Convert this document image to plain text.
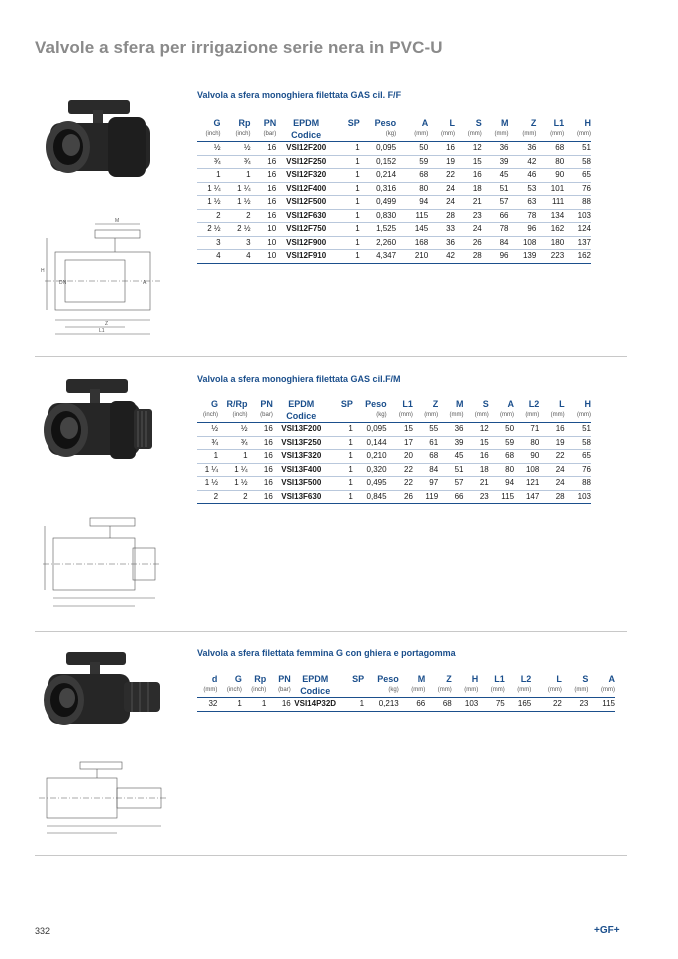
Valvole a sfera per irrigazione serie nera in PVC-U
Valvola a sfera monoghiera filettata GAS cil. F/F
M
H
DN	A
Z
L1
G	Rp	PN	EPDM	SP	Peso	A	L	S	M	Z	L1	H
(inch)	(inch)	(bar)	Codice		(kg)	(mm)	(mm)	(mm)	(mm)	(mm)	(mm)	(mm)
½	½	16	VSI12F200	1	0,095	50	16	12	36	36	68	51
¾	¾	16	VSI12F250	1	0,152	59	19	15	39	42	80	58
1	1	16	VSI12F320	1	0,214	68	22	16	45	46	90	65
1 ¼	1 ¼	16	VSI12F400	1	0,316	80	24	18	51	53	101	76
1 ½	1 ½	16	VSI12F500	1	0,499	94	24	21	57	63	111	88
2	2	16	VSI12F630	1	0,830	115	28	23	66	78	134	103
2 ½	2 ½	10	VSI12F750	1	1,525	145	33	24	78	96	162	124
3	3	10	VSI12F900	1	2,260	168	36	26	84	108	180	137
4	4	10	VSI12F910	1	4,347	210	42	28	96	139	223	162
Valvola a sfera monoghiera filettata GAS cil.F/M
G	R/Rp	PN	EPDM	SP	Peso	L1	Z	M	S	A	L2	L	H
(inch)	(inch)	(bar)	Codice		(kg)	(mm)	(mm)	(mm)	(mm)	(mm)	(mm)	(mm)	(mm)
½	½	16	VSI13F200	1	0,095	15	55	36	12	50	71	16	51
¾	¾	16	VSI13F250	1	0,144	17	61	39	15	59	80	19	58
1	1	16	VSI13F320	1	0,210	20	68	45	16	68	90	22	65
1 ¼	1 ¼	16	VSI13F400	1	0,320	22	84	51	18	80	108	24	76
1 ½	1 ½	16	VSI13F500	1	0,495	22	97	57	21	94	121	24	88
2	2	16	VSI13F630	1	0,845	26	119	66	23	115	147	28	103
Valvola a sfera filettata femmina G con ghiera e portagomma
d	G	Rp	PN	EPDM	SP	Peso	M	Z	H	L1	L2	L	S	A
(mm)	(inch)	(inch)	(bar)	Codice		(kg)	(mm)	(mm)	(mm)	(mm)	(mm)	(mm)	(mm)	(mm)
32	1	1	16	VSI14P32D	1	0,213	66	68	103	75	165	22	23	115
332	+GF+
